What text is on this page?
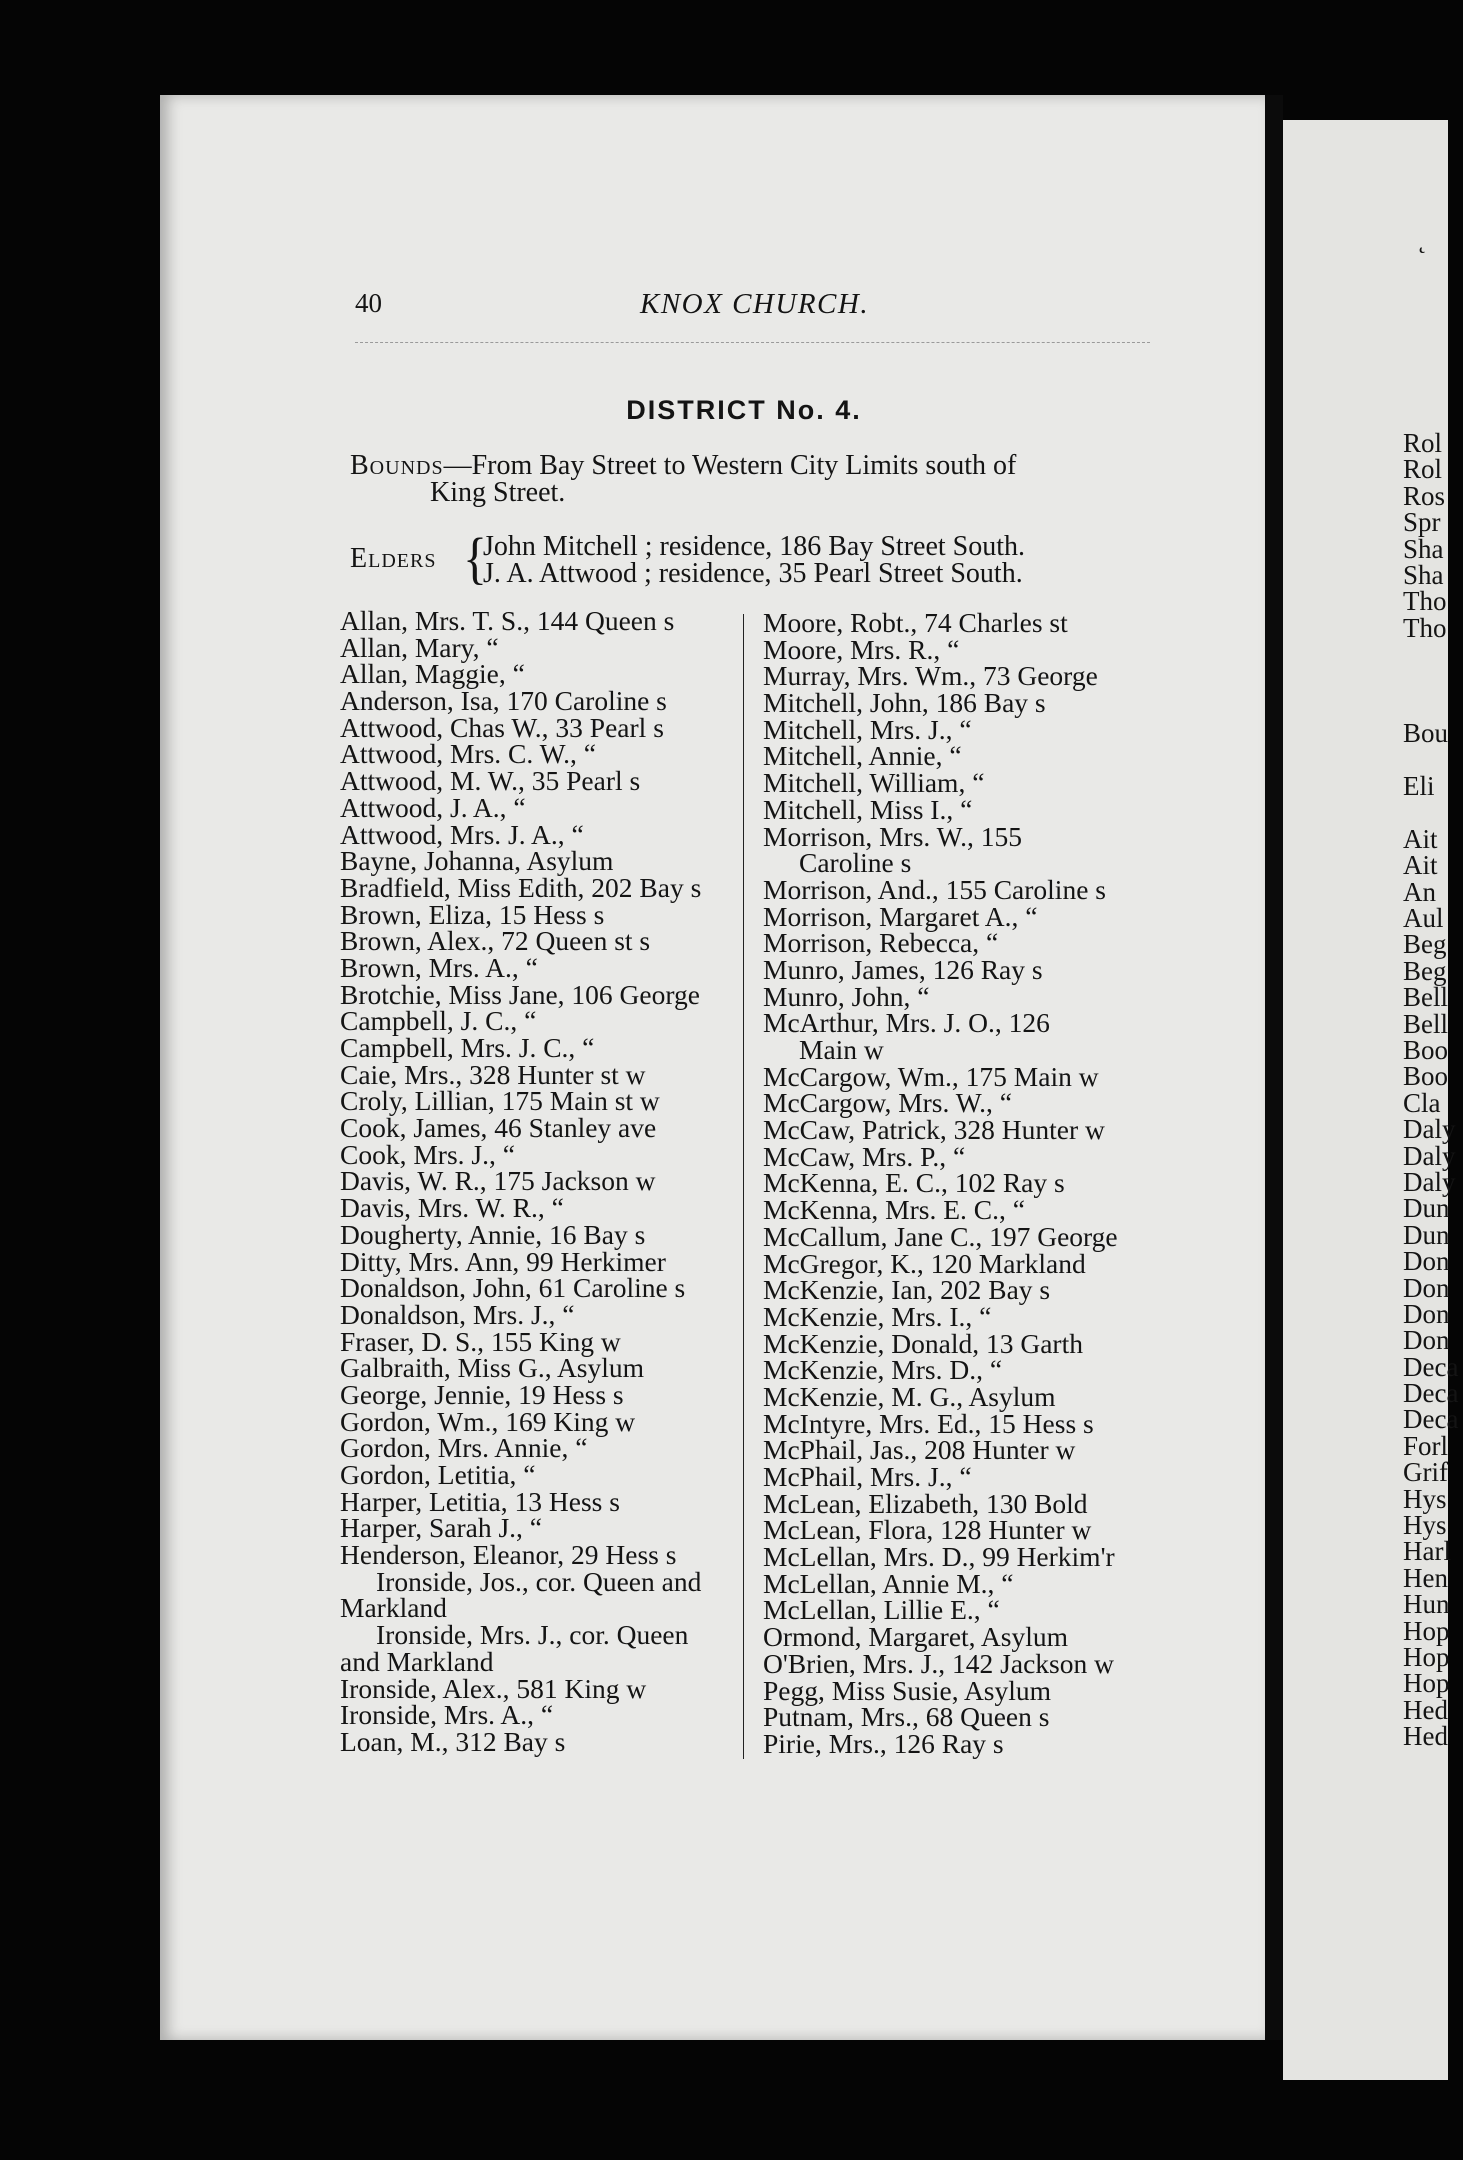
˛
Rol
Rol
Ros
Spr
Sha
Sha
Tho
Tho
Bou
Eli
Ait
Ait
An
Aul
Beg
Beg
Bell
Bell
Boo
Boo
Cla
Daly
Daly
Daly
Dun
Dun
Don
Don
Don
Don
Deca
Deca
Deca
Forl
Grif
Hys
Hys
Harl
Hen
Hun
Hop
Hop
Hop
Hed
Hed
40	KNOX CHURCH.
DISTRICT No. 4.
Bounds—From Bay Street to Western City Limits south of
King Street.
Elders {
John Mitchell ; residence, 186 Bay Street South.
J. A. Attwood ; residence, 35 Pearl Street South.
Allan, Mrs. T. S., 144 Queen s
Allan, Mary, “
Allan, Maggie, “
Anderson, Isa, 170 Caroline s
Attwood, Chas W., 33 Pearl s
Attwood, Mrs. C. W., “
Attwood, M. W., 35 Pearl s
Attwood, J. A., “
Attwood, Mrs. J. A., “
Bayne, Johanna, Asylum
Bradfield, Miss Edith, 202 Bay s
Brown, Eliza, 15 Hess s
Brown, Alex., 72 Queen st s
Brown, Mrs. A., “
Brotchie, Miss Jane, 106 George
Campbell, J. C., “
Campbell, Mrs. J. C., “
Caie, Mrs., 328 Hunter st w
Croly, Lillian, 175 Main st w
Cook, James, 46 Stanley ave
Cook, Mrs. J., “
Davis, W. R., 175 Jackson w
Davis, Mrs. W. R., “
Dougherty, Annie, 16 Bay s
Ditty, Mrs. Ann, 99 Herkimer
Donaldson, John, 61 Caroline s
Donaldson, Mrs. J., “
Fraser, D. S., 155 King w
Galbraith, Miss G., Asylum
George, Jennie, 19 Hess s
Gordon, Wm., 169 King w
Gordon, Mrs. Annie, “
Gordon, Letitia, “
Harper, Letitia, 13 Hess s
Harper, Sarah J., “
Henderson, Eleanor, 29 Hess s
Ironside, Jos., cor. Queen and
Markland
Ironside, Mrs. J., cor. Queen
and Markland
Ironside, Alex., 581 King w
Ironside, Mrs. A., “
Loan, M., 312 Bay s
Moore, Robt., 74 Charles st
Moore, Mrs. R., “
Murray, Mrs. Wm., 73 George
Mitchell, John, 186 Bay s
Mitchell, Mrs. J., “
Mitchell, Annie, “
Mitchell, William, “
Mitchell, Miss I., “
Morrison, Mrs. W., 155
Caroline s
Morrison, And., 155 Caroline s
Morrison, Margaret A., “
Morrison, Rebecca, “
Munro, James, 126 Ray s
Munro, John, “
McArthur, Mrs. J. O., 126
Main w
McCargow, Wm., 175 Main w
McCargow, Mrs. W., “
McCaw, Patrick, 328 Hunter w
McCaw, Mrs. P., “
McKenna, E. C., 102 Ray s
McKenna, Mrs. E. C., “
McCallum, Jane C., 197 George
McGregor, K., 120 Markland
McKenzie, Ian, 202 Bay s
McKenzie, Mrs. I., “
McKenzie, Donald, 13 Garth
McKenzie, Mrs. D., “
McKenzie, M. G., Asylum
McIntyre, Mrs. Ed., 15 Hess s
McPhail, Jas., 208 Hunter w
McPhail, Mrs. J., “
McLean, Elizabeth, 130 Bold
McLean, Flora, 128 Hunter w
McLellan, Mrs. D., 99 Herkim'r
McLellan, Annie M., “
McLellan, Lillie E., “
Ormond, Margaret, Asylum
O'Brien, Mrs. J., 142 Jackson w
Pegg, Miss Susie, Asylum
Putnam, Mrs., 68 Queen s
Pirie, Mrs., 126 Ray s
